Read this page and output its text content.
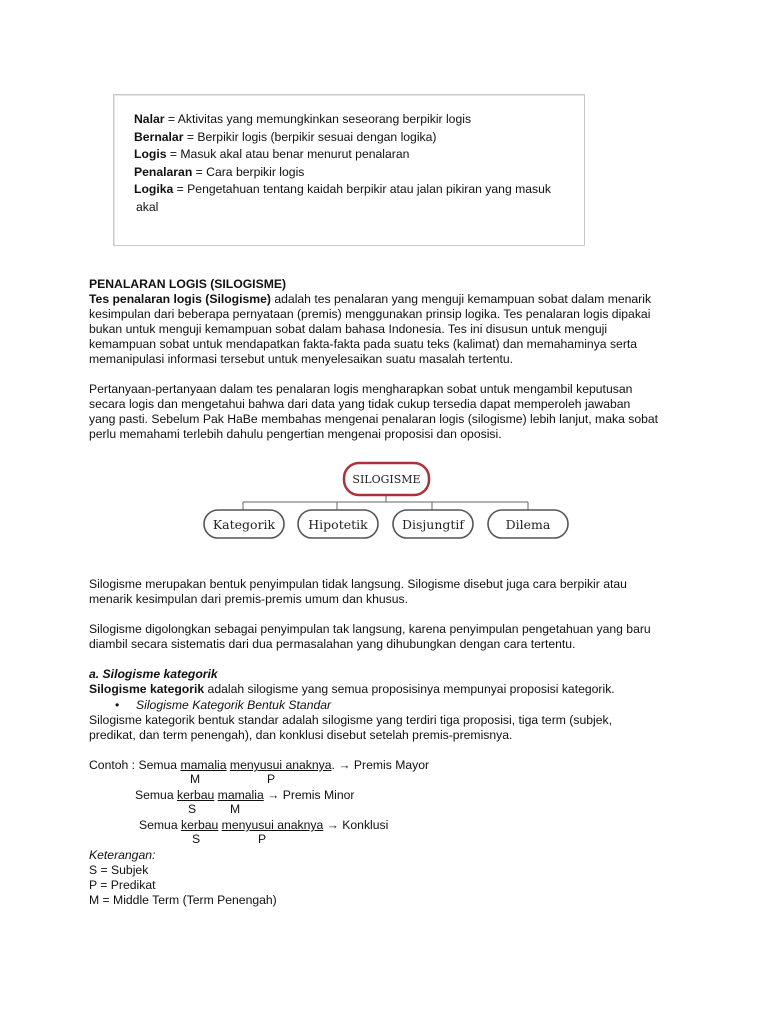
Nalar = Aktivitas yang memungkinkan seseorang berpikir logis
Bernalar = Berpikir logis (berpikir sesuai dengan logika)
Logis = Masuk akal atau benar menurut penalaran
Penalaran = Cara berpikir logis
Logika = Pengetahuan tentang kaidah berpikir atau jalan pikiran yang masuk
akal
PENALARAN LOGIS (SILOGISME)
Tes penalaran logis (Silogisme) adalah tes penalaran yang menguji kemampuan sobat dalam menarik
kesimpulan dari beberapa pernyataan (premis) menggunakan prinsip logika. Tes penalaran logis dipakai
bukan untuk menguji kemampuan sobat dalam bahasa Indonesia. Tes ini disusun untuk menguji
kemampuan sobat untuk mendapatkan fakta-fakta pada suatu teks (kalimat) dan memahaminya serta
memanipulasi informasi tersebut untuk menyelesaikan suatu masalah tertentu.
Pertanyaan-pertanyaan dalam tes penalaran logis mengharapkan sobat untuk mengambil keputusan
secara logis dan mengetahui bahwa dari data yang tidak cukup tersedia dapat memperoleh jawaban
yang pasti. Sebelum Pak HaBe membahas mengenai penalaran logis (silogisme) lebih lanjut, maka sobat
perlu memahami terlebih dahulu pengertian mengenai proposisi dan oposisi.
SILOGISME
Kategorik	Hipotetik	Disjungtif	Dilema
Silogisme merupakan bentuk penyimpulan tidak langsung. Silogisme disebut juga cara berpikir atau
menarik kesimpulan dari premis-premis umum dan khusus.
Silogisme digolongkan sebagai penyimpulan tak langsung, karena penyimpulan pengetahuan yang baru
diambil secara sistematis dari dua permasalahan yang dihubungkan dengan cara tertentu.
a. Silogisme kategorik
Silogisme kategorik adalah silogisme yang semua proposisinya mempunyai proposisi kategorik.
• Silogisme Kategorik Bentuk Standar
Silogisme kategorik bentuk standar adalah silogisme yang terdiri tiga proposisi, tiga term (subjek,
predikat, dan term penengah), dan konklusi disebut setelah premis-premisnya.
Contoh : Semua mamalia menyusui anaknya. → Premis Mayor
M	P
Semua kerbau mamalia → Premis Minor
S	M
Semua kerbau menyusui anaknya → Konklusi
S	P
Keterangan:
S = Subjek
P = Predikat
M = Middle Term (Term Penengah)
